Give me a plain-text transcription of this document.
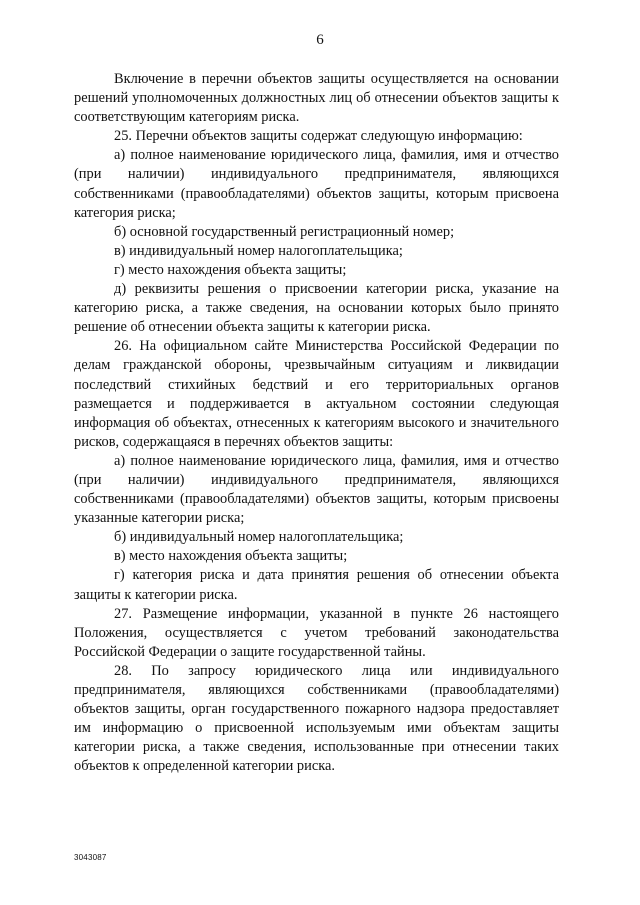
6

Включение в перечни объектов защиты осуществляется на основании решений уполномоченных должностных лиц об отнесении объектов защиты к соответствующим категориям риска.

25. Перечни объектов защиты содержат следующую информацию:

а) полное наименование юридического лица, фамилия, имя и отчество (при наличии) индивидуального предпринимателя, являющихся собственниками (правообладателями) объектов защиты, которым присвоена категория риска;

б) основной государственный регистрационный номер;

в) индивидуальный номер налогоплательщика;

г) место нахождения объекта защиты;

д) реквизиты решения о присвоении категории риска, указание на категорию риска, а также сведения, на основании которых было принято решение об отнесении объекта защиты к категории риска.

26. На официальном сайте Министерства Российской Федерации по делам гражданской обороны, чрезвычайным ситуациям и ликвидации последствий стихийных бедствий и его территориальных органов размещается и поддерживается в актуальном состоянии следующая информация об объектах, отнесенных к категориям высокого и значительного рисков, содержащаяся в перечнях объектов защиты:

а) полное наименование юридического лица, фамилия, имя и отчество (при наличии) индивидуального предпринимателя, являющихся собственниками (правообладателями) объектов защиты, которым присвоены указанные категории риска;

б) индивидуальный номер налогоплательщика;

в) место нахождения объекта защиты;

г) категория риска и дата принятия решения об отнесении объекта защиты к категории риска.

27. Размещение информации, указанной в пункте 26 настоящего Положения, осуществляется с учетом требований законодательства Российской Федерации о защите государственной тайны.

28. По запросу юридического лица или индивидуального предпринимателя, являющихся собственниками (правообладателями) объектов защиты, орган государственного пожарного надзора предоставляет им информацию о присвоенной используемым ими объектам защиты категории риска, а также сведения, использованные при отнесении таких объектов к определенной категории риска.

3043087
